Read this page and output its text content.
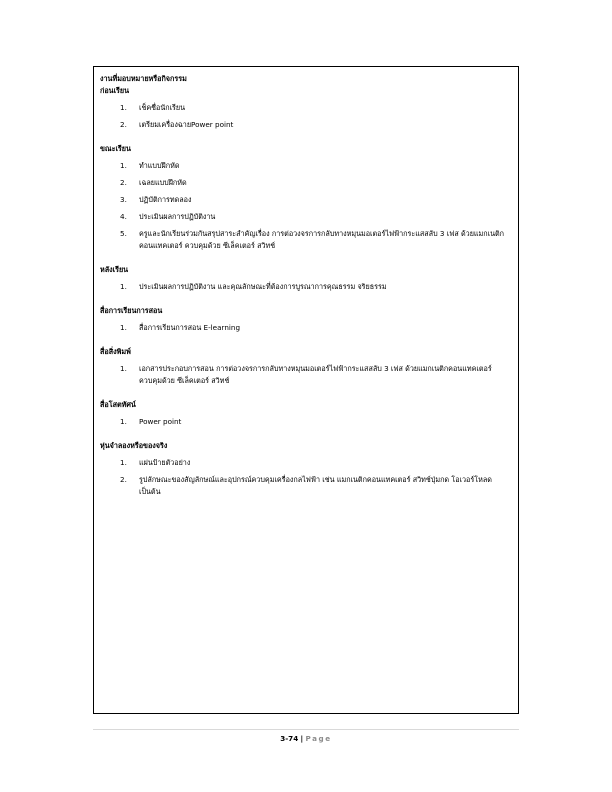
งานที่มอบหมายหรือกิจกรรม
ก่อนเรียน
1.	เช็คชื่อนักเรียน
2.	เตรียมเครื่องฉายPower point
ขณะเรียน
1.	ทำแบบฝึกหัด
2.	เฉลยแบบฝึกหัด
3.	ปฏิบัติการทดลอง
4.	ประเมินผลการปฏิบัติงาน
5.	ครูและนักเรียนร่วมกันสรุปสาระสำคัญเรื่อง การต่อวงจรการกลับทางหมุนมอเตอร์ไฟฟ้ากระแสสลับ 3 เฟส ด้วยแมกเนติกคอนแทคเตอร์ ควบคุมด้วย ซีเล็คเตอร์ สวิทช์
หลังเรียน
1.	ประเมินผลการปฏิบัติงาน และคุณลักษณะที่ต้องการบูรณาการคุณธรรม จริยธรรม
สื่อการเรียนการสอน
1.	สื่อการเรียนการสอน E-learning
สื่อสิ่งพิมพ์
1.	เอกสารประกอบการสอน การต่อวงจรการกลับทางหมุนมอเตอร์ไฟฟ้ากระแสสลับ 3 เฟส ด้วยแมกเนติกคอนแทคเตอร์ ควบคุมด้วย ซีเล็คเตอร์ สวิทช์
สื่อโสตทัศน์
1.	Power point
หุ่นจำลองหรือของจริง
1.	แผ่นป้ายตัวอย่าง
2.	รูปลักษณะของสัญลักษณ์และอุปกรณ์ควบคุมเครื่องกลไฟฟ้า เช่น แมกเนติกคอนแทคเตอร์ สวิทช์ปุ่มกด โอเวอร์โหลด เป็นต้น
3-74 | Page
